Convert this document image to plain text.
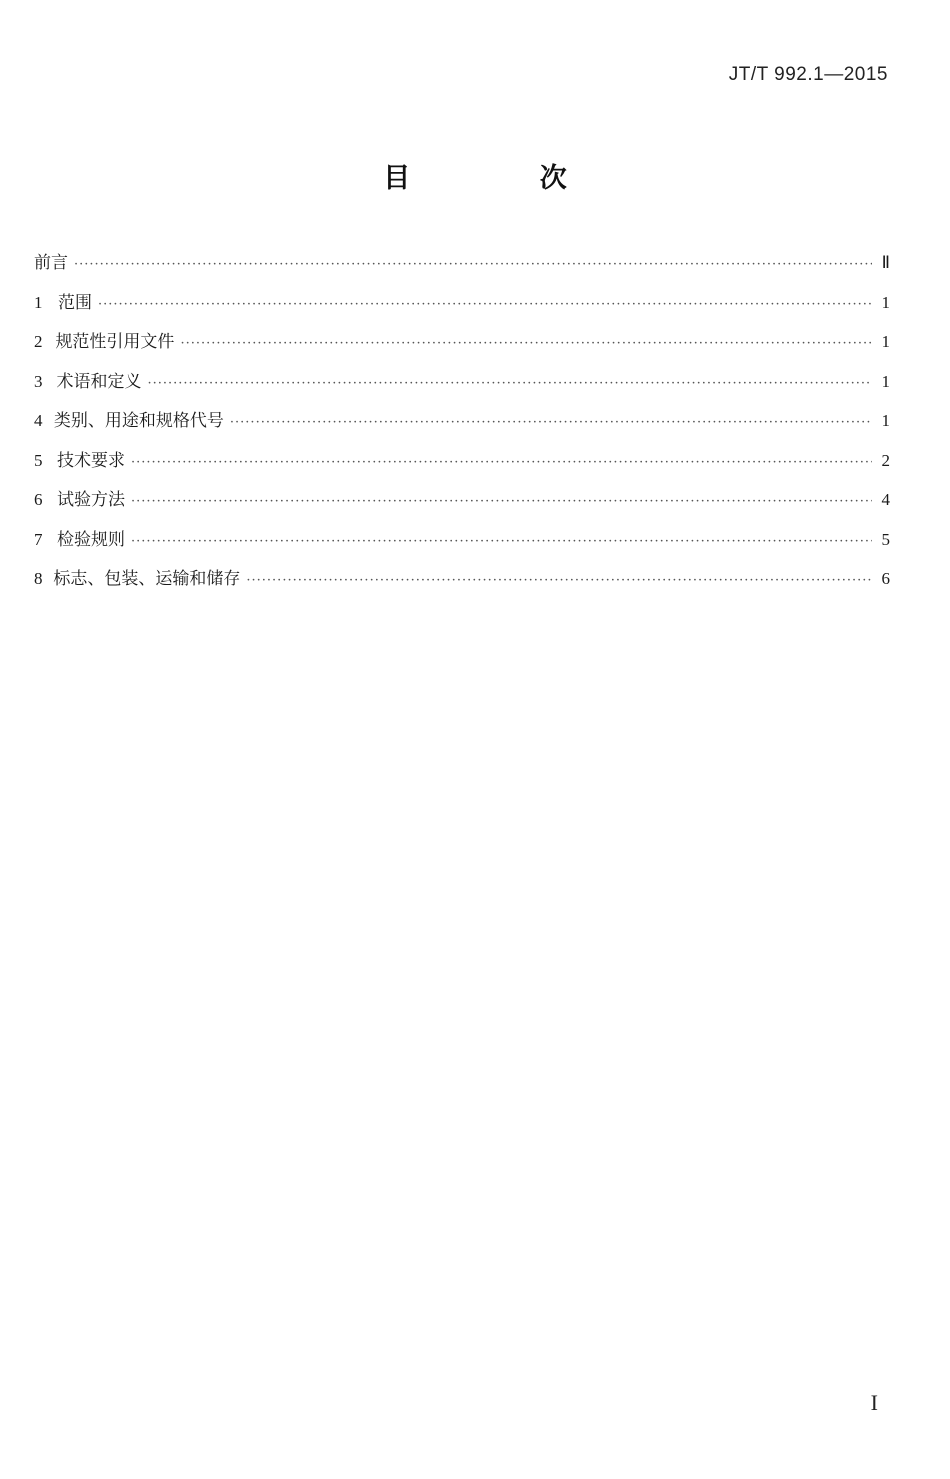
JT/T 992.1—2015
目 次
前言 ·····	Ⅱ
1 范围 ·····	1
2 规范性引用文件 ·····	1
3 术语和定义 ·····	1
4 类别、用途和规格代号 ·····	1
5 技术要求 ·····	2
6 试验方法 ·····	4
7 检验规则 ·····	5
8 标志、包装、运输和储存 ·····	6
I
